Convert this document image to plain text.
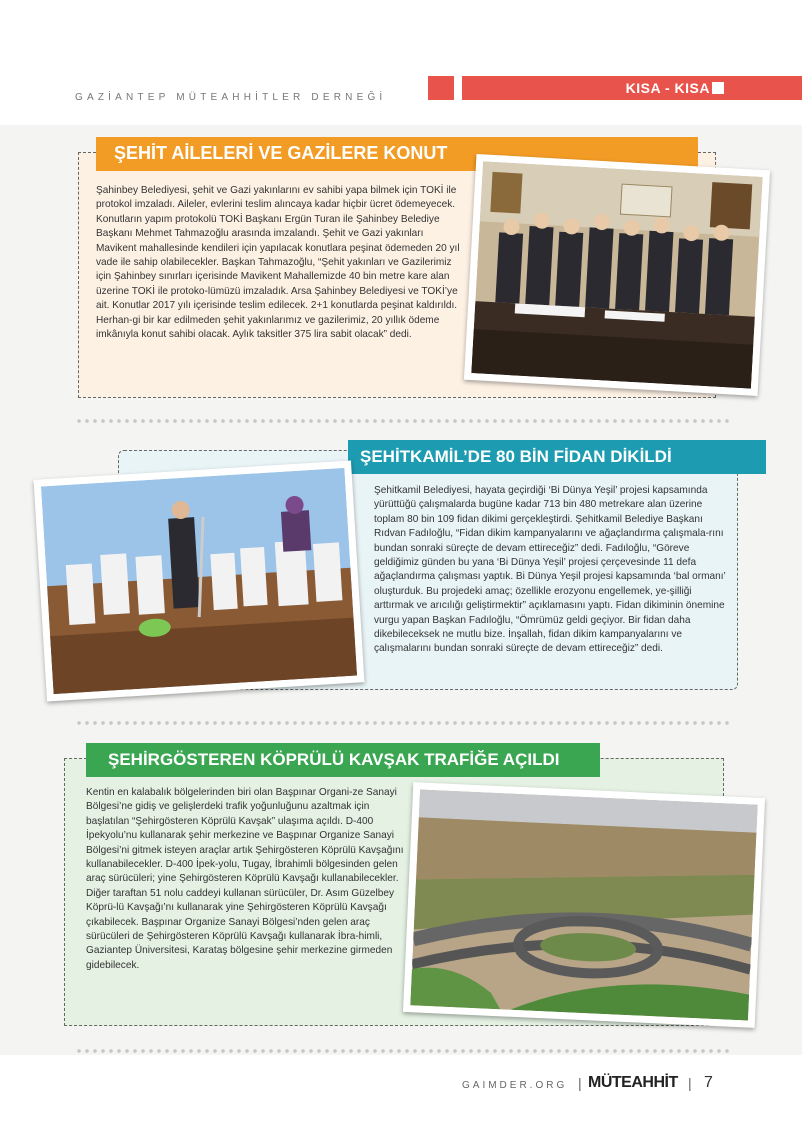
GAZİANTEP MÜTEAHHİTLER DERNEĞİ
KISA - KISA
ŞEHİT AİLELERİ VE GAZİLERE KONUT

Şahinbey Belediyesi, şehit ve Gazi yakınlarını ev sahibi yapa bilmek için TOKİ ile protokol imzaladı. Aileler, evlerini teslim alıncaya kadar hiçbir ücret ödemeyecek. Konutların yapım protokolü TOKİ Başkanı Ergün Turan ile Şahinbey Belediye Başkanı Mehmet Tahmazoğlu arasında imzalandı. Şehit ve Gazi yakınları Mavikent mahallesinde kendileri için yapılacak konutlara peşinat ödemeden 20 yıl vade ile sahip olabilecekler. Başkan Tahmazoğlu, “Şehit yakınları ve Gazilerimiz için Şahinbey sınırları içerisinde Mavikent Mahallemizde 40 bin metre kare alan üzerine TOKİ ile protoko-lümüzü imzaladık. Arsa Şahinbey Belediyesi ve TOKİ’ye ait. Konutlar 2017 yılı içerisinde teslim edilecek. 2+1 konutlarda peşinat kaldırıldı. Herhan-gi bir kar edilmeden şehit yakınlarımız ve gazilerimiz, 20 yıllık ödeme imkânıyla konut sahibi olacak. Aylık taksitler 375 lira sabit olacak” dedi.

ŞEHİTKAMİL’DE 80 BİN FİDAN DİKİLDİ

Şehitkamil Belediyesi, hayata geçirdiği ‘Bi Dünya Yeşil’ projesi kapsamında yürüttüğü çalışmalarda bugüne kadar 713 bin 480 metrekare alan üzerine toplam 80 bin 109 fidan dikimi gerçekleştirdi. Şehitkamil Belediye Başkanı Rıdvan Fadıloğlu, “Fidan dikim kampanyalarını ve ağaçlandırma çalışmala-rını bundan sonraki süreçte de devam ettireceğiz” dedi. Fadıloğlu, “Göreve geldiğimiz günden bu yana ‘Bi Dünya Yeşil’ projesi çerçevesinde 11 defa ağaçlandırma çalışması yaptık. Bi Dünya Yeşil projesi kapsamında ‘bal ormanı’ oluşturduk. Bu projedeki amaç; özellikle erozyonu engellemek, ye-şilliği arttırmak ve arıcılığı geliştirmektir” açıklamasını yaptı. Fidan dikiminin önemine vurgu yapan Başkan Fadıloğlu, “Ömrümüz geldi geçiyor. Bir fidan daha dikebileceksek ne mutlu bize. İnşallah, fidan dikim kampanyalarını ve çalışmalarını bundan sonraki süreçte de devam ettireceğiz” dedi.

ŞEHİRGÖSTEREN KÖPRÜLÜ KAVŞAK TRAFİĞE AÇILDI

Kentin en kalabalık bölgelerinden biri olan Başpınar Organi-ze Sanayi Bölgesi’ne gidiş ve gelişlerdeki trafik yoğunluğunu azaltmak için başlatılan “Şehirgösteren Köprülü Kavşak” ulaşıma açıldı. D-400 İpekyolu’nu kullanarak şehir merkezine ve Başpınar Organize Sanayi Bölgesi’ni gitmek isteyen araçlar artık Şehirgösteren Köprülü Kavşağını kullanabilecekler. D-400 İpek-yolu, Tugay, İbrahimli bölgesinden gelen araç sürücüleri; yine Şehirgösteren Köprülü Kavşağı kullanabilecekler. Diğer taraftan 51 nolu caddeyi kullanan sürücüler, Dr. Asım Güzelbey Köprü-lü Kavşağı’nı kullanarak yine Şehirgösteren Köprülü Kavşağı çıkabilecek. Başpınar Organize Sanayi Bölgesi’nden gelen araç sürücüleri de Şehirgösteren Köprülü Kavşağı kullanarak İbra-himli, Gaziantep Üniversitesi, Karataş bölgesine şehir merkezine girmeden gidebilecek.

GAIMDER.ORG | MÜTEAHHİT | 7
